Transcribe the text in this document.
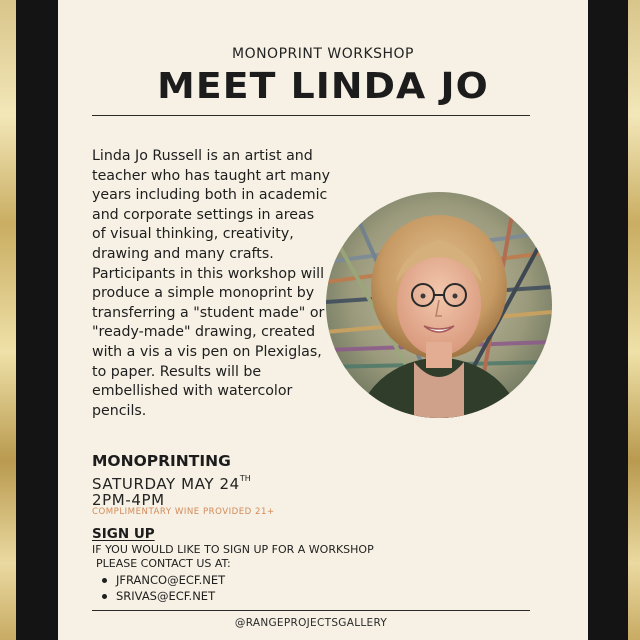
MONOPRINT WORKSHOP
MEET LINDA JO
Linda Jo Russell is an artist and teacher who has taught art many years including both in academic and corporate settings in areas of visual thinking, creativity, drawing and many crafts. Participants in this workshop will produce a simple monoprint by transferring a "student made" or "ready-made" drawing, created with a vis a vis pen on Plexiglas, to paper. Results will be embellished with watercolor pencils.
MONOPRINTING
SATURDAY MAY 24TH
2PM-4PM
COMPLIMENTARY WINE PROVIDED 21+
SIGN UP
IF YOU WOULD LIKE TO SIGN UP FOR A WORKSHOP
PLEASE CONTACT US AT:
JFRANCO@ECF.NET
SRIVAS@ECF.NET
@RANGEPROJECTSGALLERY
